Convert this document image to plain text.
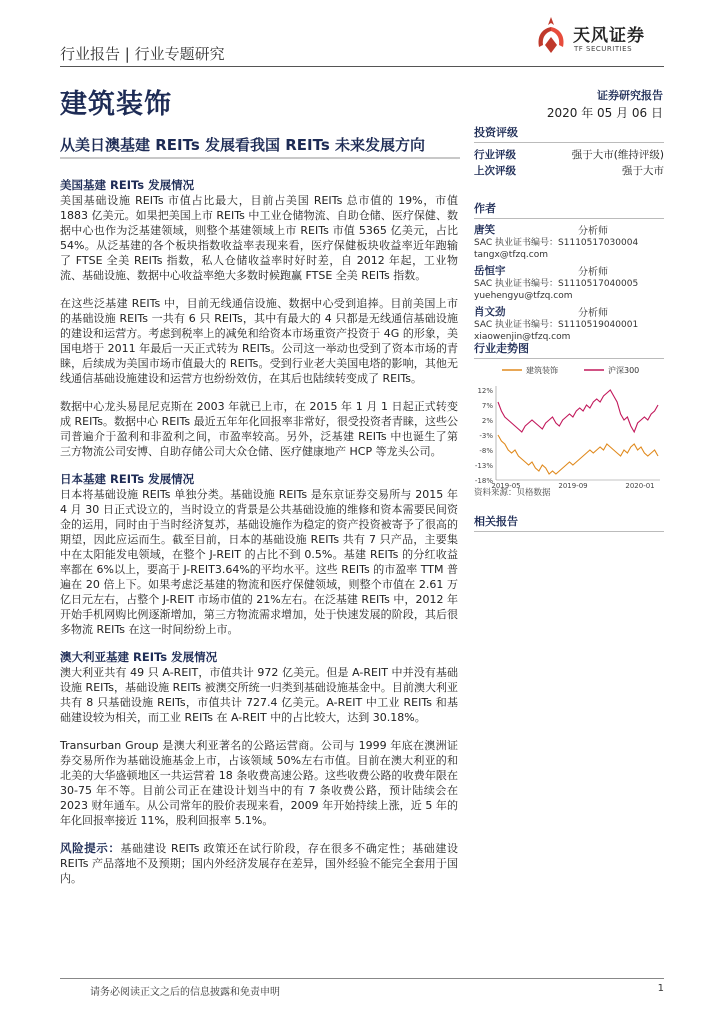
行业报告 | 行业专题研究
天风证券
TF SECURITIES
建筑装饰	证券研究报告
2020 年 05 月 06 日
从美日澳基建 REITs 发展看我国 REITs 未来发展方向
美国基建 REITs 发展情况

美国基础设施 REITs 市值占比最大，目前占美国 REITs 总市值的 19%，市值 1883 亿美元。如果把美国上市 REITs 中工业仓储物流、自助仓储、医疗保健、数据中心也作为泛基建领域，则整个基建领域上市 REITs 市值 5365 亿美元，占比 54%。从泛基建的各个板块指数收益率表现来看，医疗保健板块收益率近年跑输了 FTSE 全美 REITs 指数，私人仓储收益率时好时差，自 2012 年起，工业物流、基础设施、数据中心收益率绝大多数时候跑赢 FTSE 全美 REITs 指数。

在这些泛基建 REITs 中，目前无线通信设施、数据中心受到追捧。目前美国上市的基础设施 REITs 一共有 6 只 REITs，其中有最大的 4 只都是无线通信基础设施的建设和运营方。考虑到税率上的减免和给资本市场重资产投资于 4G 的形象，美国电塔于 2011 年最后一天正式转为 REITs。公司这一举动也受到了资本市场的青睐，后续成为美国市场市值最大的 REITs。受到行业老大美国电塔的影响，其他无线通信基础设施建设和运营方也纷纷效仿，在其后也陆续转变成了 REITs。

数据中心龙头易昆尼克斯在 2003 年就已上市，在 2015 年 1 月 1 日起正式转变成 REITs。数据中心 REITs 最近五年年化回报率非常好，很受投资者青睐，这些公司普遍介于盈利和非盈利之间，市盈率较高。另外，泛基建 REITs 中也诞生了第三方物流公司安博、自助存储公司大众仓储、医疗健康地产 HCP 等龙头公司。

日本基建 REITs 发展情况

日本将基础设施 REITs 单独分类。基础设施 REITs 是东京证券交易所与 2015 年 4 月 30 日正式设立的，当时设立的背景是公共基础设施的维修和资本需要民间资金的运用，同时由于当时经济复苏，基础设施作为稳定的资产投资被寄予了很高的期望，因此应运而生。截至目前，日本的基础设施 REITs 共有 7 只产品，主要集中在太阳能发电领域，在整个 J-REIT 的占比不到 0.5%。基建 REITs 的分红收益率都在 6%以上，要高于 J-REIT3.64%的平均水平。这些 REITs 的市盈率 TTM 普遍在 20 倍上下。如果考虑泛基建的物流和医疗保健领域，则整个市值在 2.61 万亿日元左右，占整个 J-REIT 市场市值的 21%左右。在泛基建 REITs 中，2012 年开始手机网购比例逐渐增加，第三方物流需求增加，处于快速发展的阶段，其后很多物流 REITs 在这一时间纷纷上市。

澳大利亚基建 REITs 发展情况

澳大利亚共有 49 只 A-REIT，市值共计 972 亿美元。但是 A-REIT 中并没有基础设施 REITs，基础设施 REITs 被澳交所统一归类到基础设施基金中。目前澳大利亚共有 8 只基础设施 REITs，市值共计 727.4 亿美元。A-REIT 中工业 REITs 和基础建设较为相关，而工业 REITs 在 A-REIT 中的占比较大，达到 30.18%。

Transurban Group 是澳大利亚著名的公路运营商。公司与 1999 年底在澳洲证券交易所作为基础设施基金上市，占该领域 50%左右市值。目前在澳大利亚的和北美的大华盛顿地区一共运营着 18 条收费高速公路。这些收费公路的收费年限在 30-75 年不等。目前公司正在建设计划当中的有 7 条收费公路，预计陆续会在 2023 财年通车。从公司常年的股价表现来看，2009 年开始持续上涨，近 5 年的年化回报率接近 11%，股利回报率 5.1%。

风险提示：基础建设 REITs 政策还在试行阶段，存在很多不确定性；基础建设 REITs 产品落地不及预期；国内外经济发展存在差异，国外经验不能完全套用于国内。

投资评级
行业评级	强于大市(维持评级)
上次评级	强于大市
作者
唐笑	分析师
SAC 执业证书编号：S1110517030004
tangx@tfzq.com
岳恒宇	分析师
SAC 执业证书编号：S1110517040005
yuehengyu@tfzq.com
肖文劲	分析师
SAC 执业证书编号：S1110519040001
xiaowenjin@tfzq.com
行业走势图
建筑装饰	沪深300
12%
7%
2%
-3%
-8%
-13%
-18%
2019-05	2019-09	2020-01
资料来源：贝格数据
相关报告
请务必阅读正文之后的信息披露和免责申明	1
